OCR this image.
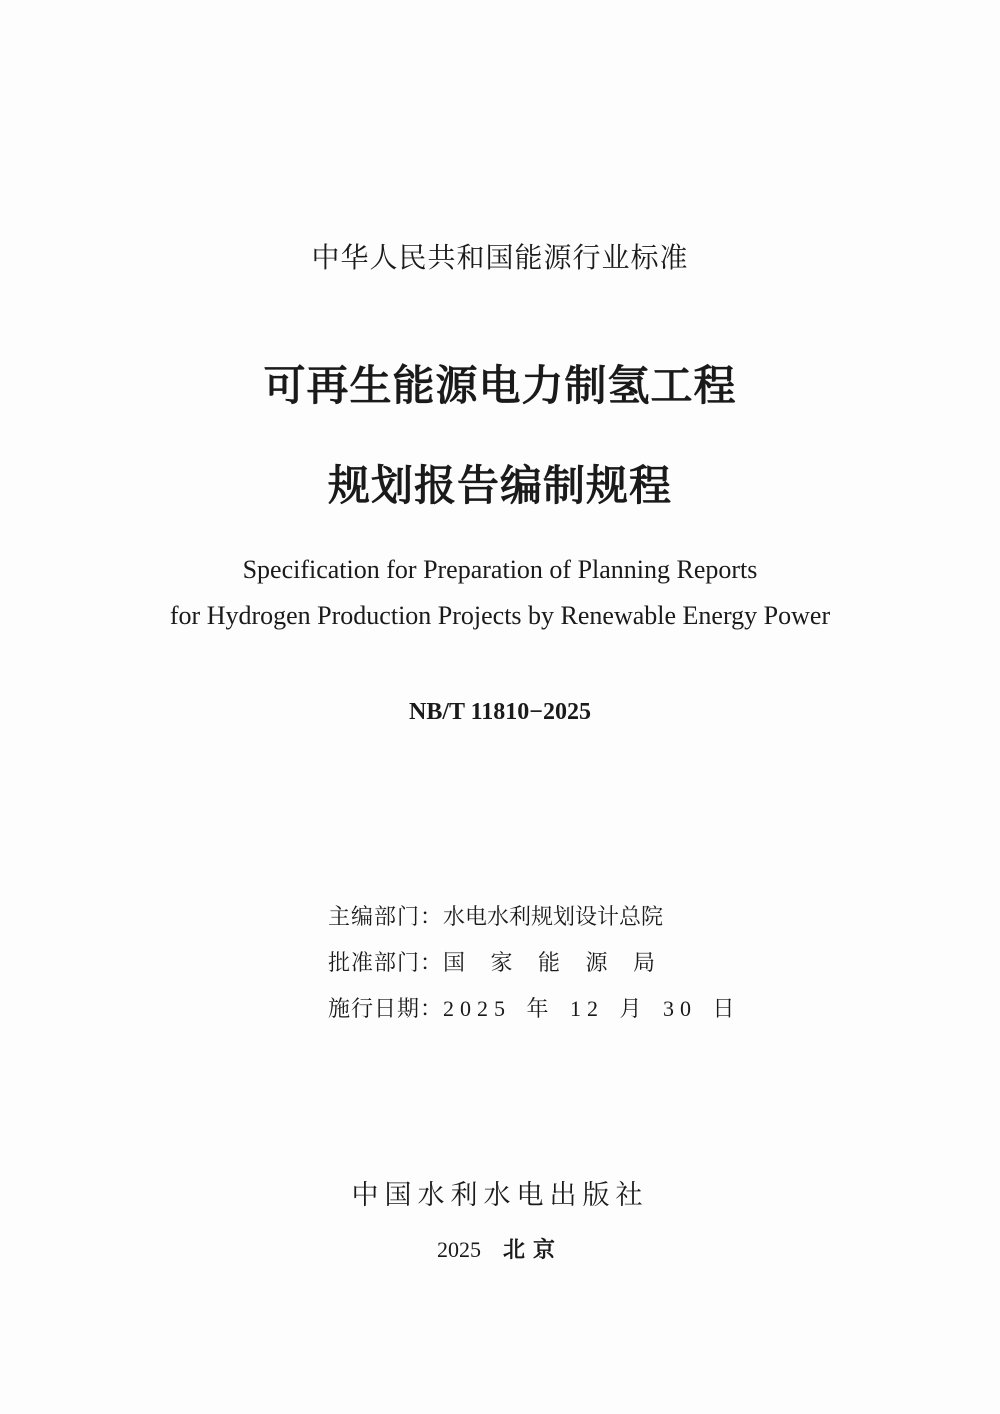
中华人民共和国能源行业标准
可再生能源电力制氢工程
规划报告编制规程
Specification for Preparation of Planning Reports
for Hydrogen Production Projects by Renewable Energy Power
NB/T 11810−2025
主编部门：水电水利规划设计总院
批准部门：国 家 能 源 局
施行日期：2025 年 12 月 30 日
中国水利水电出版社
2025 北京
